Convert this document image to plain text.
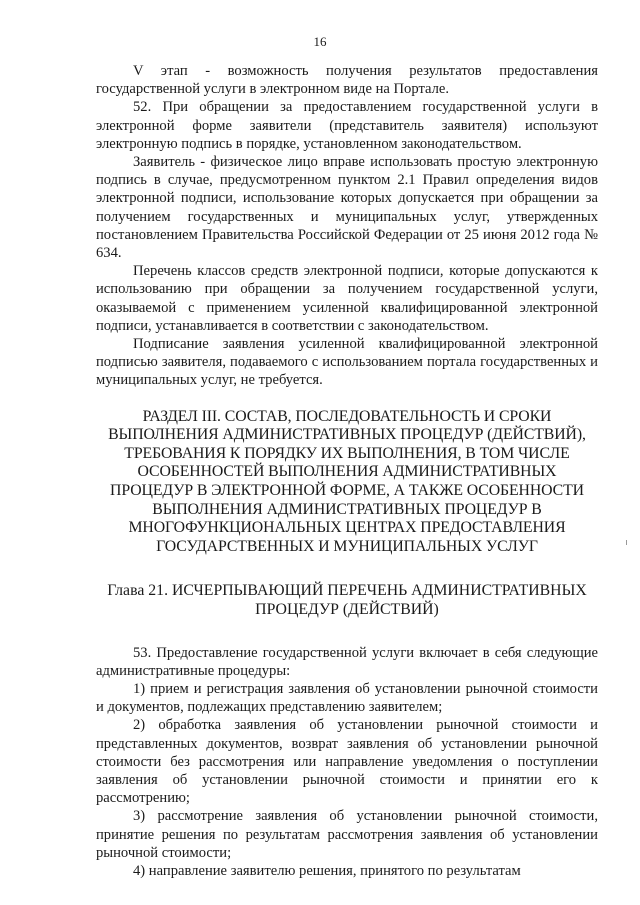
16

V этап - возможность получения результатов предоставления государственной услуги в электронном виде на Портале.

52. При обращении за предоставлением государственной услуги в электронной форме заявители (представитель заявителя) используют электронную подпись в порядке, установленном законодательством.

Заявитель - физическое лицо вправе использовать простую электронную подпись в случае, предусмотренном пунктом 2.1 Правил определения видов электронной подписи, использование которых допускается при обращении за получением государственных и муниципальных услуг, утвержденных постановлением Правительства Российской Федерации от 25 июня 2012 года № 634.

Перечень классов средств электронной подписи, которые допускаются к использованию при обращении за получением государственной услуги, оказываемой с применением усиленной квалифицированной электронной подписи, устанавливается в соответствии с законодательством.

Подписание заявления усиленной квалифицированной электронной подписью заявителя, подаваемого с использованием портала государственных и муниципальных услуг, не требуется.

РАЗДЕЛ III. СОСТАВ, ПОСЛЕДОВАТЕЛЬНОСТЬ И СРОКИ ВЫПОЛНЕНИЯ АДМИНИСТРАТИВНЫХ ПРОЦЕДУР (ДЕЙСТВИЙ), ТРЕБОВАНИЯ К ПОРЯДКУ ИХ ВЫПОЛНЕНИЯ, В ТОМ ЧИСЛЕ ОСОБЕННОСТЕЙ ВЫПОЛНЕНИЯ АДМИНИСТРАТИВНЫХ ПРОЦЕДУР В ЭЛЕКТРОННОЙ ФОРМЕ, А ТАКЖЕ ОСОБЕННОСТИ ВЫПОЛНЕНИЯ АДМИНИСТРАТИВНЫХ ПРОЦЕДУР В МНОГОФУНКЦИОНАЛЬНЫХ ЦЕНТРАХ ПРЕДОСТАВЛЕНИЯ ГОСУДАРСТВЕННЫХ И МУНИЦИПАЛЬНЫХ УСЛУГ
Глава 21. ИСЧЕРПЫВАЮЩИЙ ПЕРЕЧЕНЬ АДМИНИСТРАТИВНЫХ ПРОЦЕДУР (ДЕЙСТВИЙ)

53. Предоставление государственной услуги включает в себя следующие административные процедуры:

1) прием и регистрация заявления об установлении рыночной стоимости и документов, подлежащих представлению заявителем;

2) обработка заявления об установлении рыночной стоимости и представленных документов, возврат заявления об установлении рыночной стоимости без рассмотрения или направление уведомления о поступлении заявления об установлении рыночной стоимости и принятии его к рассмотрению;

3) рассмотрение заявления об установлении рыночной стоимости, принятие решения по результатам рассмотрения заявления об установлении рыночной стоимости;

4) направление заявителю решения, принятого по результатам
